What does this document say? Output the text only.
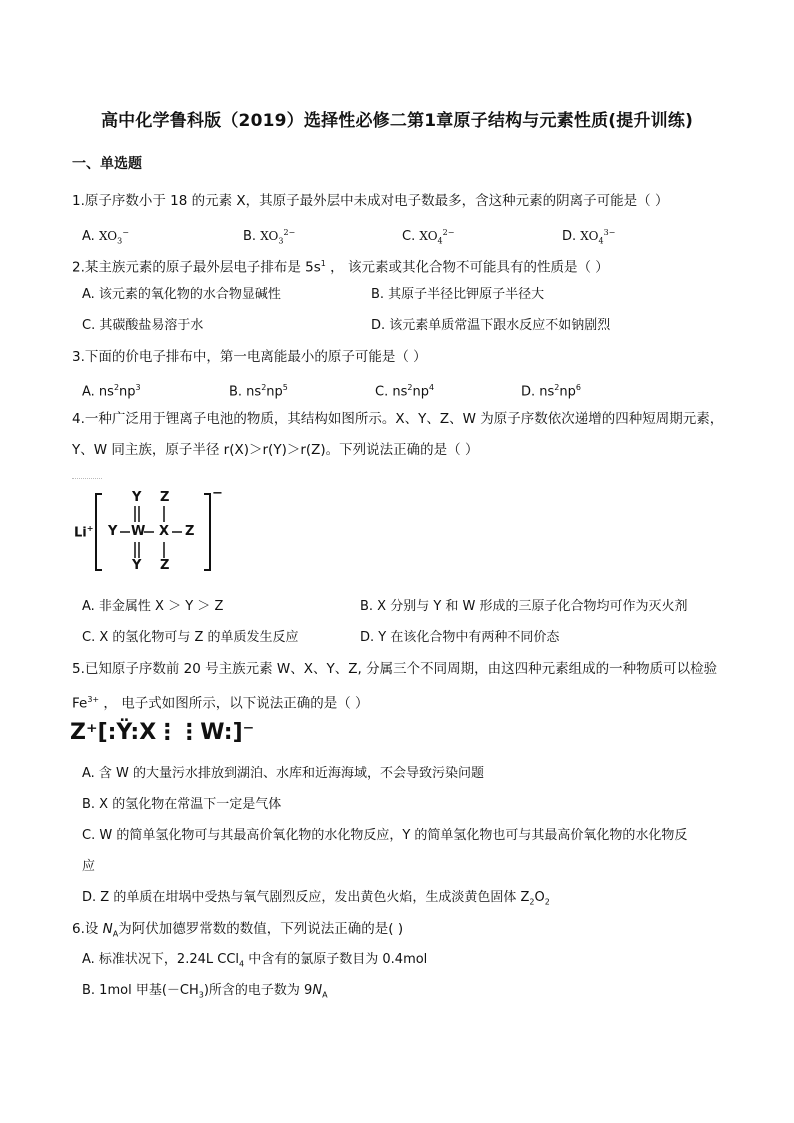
高中化学鲁科版（2019）选择性必修二第1章原子结构与元素性质(提升训练)
一、单选题
1.原子序数小于 18 的元素 X，其原子最外层中未成对电子数最多，含这种元素的阴离子可能是（ ）
A. $XO_3^-$	B. $XO_3^{2-}$	C. $XO_4^{2-}$	D. $XO_4^{3-}$
2.某主族元素的原子最外层电子排布是 $5s^1$ ， 该元素或其化合物不可能具有的性质是（ ）
A. 该元素的氧化物的水合物显碱性	B. 其原子半径比钾原子半径大
C. 其碳酸盐易溶于水	D. 该元素单质常温下跟水反应不如钠剧烈
3.下面的价电子排布中，第一电离能最小的原子可能是（ ）
A. $ns^2np^3$	B. $ns^2np^5$	C. $ns^2np^4$	D. $ns^2np^6$
4.一种广泛用于锂离子电池的物质，其结构如图所示。X、Y、Z、W 为原子序数依次递增的四种短周期元素，
Y、W 同主族，原子半径 r(X)＞r(Y)＞r(Z)。下列说法正确的是（ ）
Li+
−
Y Z
Y W X Z
Y Z
A. 非金属性 X ＞ Y ＞ Z	B. X 分别与 Y 和 W 形成的三原子化合物均可作为灭火剂
C. X 的氢化物可与 Z 的单质发生反应	D. Y 在该化合物中有两种不同价态
5.已知原子序数前 20 号主族元素 W、X、Y、Z, 分属三个不同周期，由这四种元素组成的一种物质可以检验
$Fe^{3+}$ ， 电子式如图所示，以下说法正确的是（ ）
Z⁺[:Ÿ:X⋮⋮W:]⁻
A. 含 W 的大量污水排放到湖泊、水库和近海海域，不会导致污染问题
B. X 的氢化物在常温下一定是气体
C. W 的简单氢化物可与其最高价氧化物的水化物反应，Y 的简单氢化物也可与其最高价氧化物的水化物反
应
D. Z 的单质在坩埚中受热与氧气剧烈反应，发出黄色火焰，生成淡黄色固体 $Z_2O_2$
6.设 $N_A$为阿伏加德罗常数的数值，下列说法正确的是( )
A. 标准状况下，2.24L CCl$_4$ 中含有的氯原子数目为 0.4mol
B. 1mol 甲基$(-CH_3)$所含的电子数为 $9N_A$
